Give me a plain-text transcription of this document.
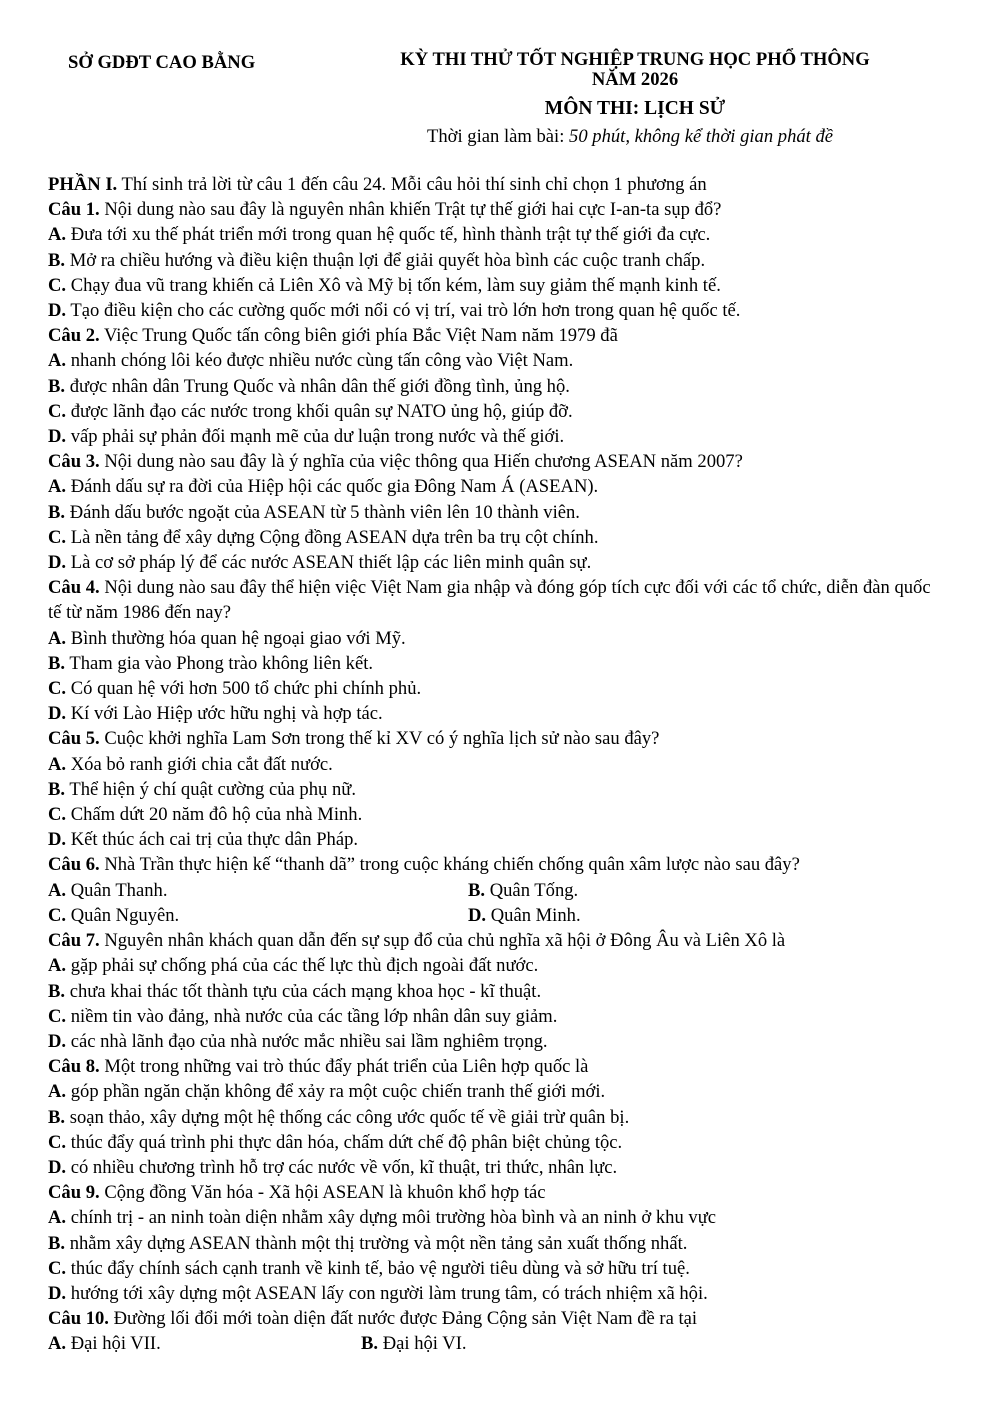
SỞ GDĐT CAO BẰNG	KỲ THI THỬ TỐT NGHIỆP TRUNG HỌC PHỔ THÔNG
NĂM 2026
MÔN THI: LỊCH SỬ
Thời gian làm bài: 50 phút, không kể thời gian phát đề
PHẦN I. Thí sinh trả lời từ câu 1 đến câu 24. Mỗi câu hỏi thí sinh chỉ chọn 1 phương án
Câu 1. Nội dung nào sau đây là nguyên nhân khiến Trật tự thế giới hai cực I-an-ta sụp đổ?
A. Đưa tới xu thế phát triển mới trong quan hệ quốc tế, hình thành trật tự thế giới đa cực.
B. Mở ra chiều hướng và điều kiện thuận lợi để giải quyết hòa bình các cuộc tranh chấp.
C. Chạy đua vũ trang khiến cả Liên Xô và Mỹ bị tốn kém, làm suy giảm thế mạnh kinh tế.
D. Tạo điều kiện cho các cường quốc mới nổi có vị trí, vai trò lớn hơn trong quan hệ quốc tế.
Câu 2. Việc Trung Quốc tấn công biên giới phía Bắc Việt Nam năm 1979 đã
A. nhanh chóng lôi kéo được nhiều nước cùng tấn công vào Việt Nam.
B. được nhân dân Trung Quốc và nhân dân thế giới đồng tình, ủng hộ.
C. được lãnh đạo các nước trong khối quân sự NATO ủng hộ, giúp đỡ.
D. vấp phải sự phản đối mạnh mẽ của dư luận trong nước và thế giới.
Câu 3. Nội dung nào sau đây là ý nghĩa của việc thông qua Hiến chương ASEAN năm 2007?
A. Đánh dấu sự ra đời của Hiệp hội các quốc gia Đông Nam Á (ASEAN).
B. Đánh dấu bước ngoặt của ASEAN từ 5 thành viên lên 10 thành viên.
C. Là nền tảng để xây dựng Cộng đồng ASEAN dựa trên ba trụ cột chính.
D. Là cơ sở pháp lý để các nước ASEAN thiết lập các liên minh quân sự.
Câu 4. Nội dung nào sau đây thể hiện việc Việt Nam gia nhập và đóng góp tích cực đối với các tổ chức, diễn đàn quốc tế từ năm 1986 đến nay?
A. Bình thường hóa quan hệ ngoại giao với Mỹ.
B. Tham gia vào Phong trào không liên kết.
C. Có quan hệ với hơn 500 tổ chức phi chính phủ.
D. Kí với Lào Hiệp ước hữu nghị và hợp tác.
Câu 5. Cuộc khởi nghĩa Lam Sơn trong thế kỉ XV có ý nghĩa lịch sử nào sau đây?
A. Xóa bỏ ranh giới chia cắt đất nước.
B. Thể hiện ý chí quật cường của phụ nữ.
C. Chấm dứt 20 năm đô hộ của nhà Minh.
D. Kết thúc ách cai trị của thực dân Pháp.
Câu 6. Nhà Trần thực hiện kế “thanh dã” trong cuộc kháng chiến chống quân xâm lược nào sau đây?
A. Quân Thanh.	B. Quân Tống.
C. Quân Nguyên.	D. Quân Minh.
Câu 7. Nguyên nhân khách quan dẫn đến sự sụp đổ của chủ nghĩa xã hội ở Đông Âu và Liên Xô là
A. gặp phải sự chống phá của các thế lực thù địch ngoài đất nước.
B. chưa khai thác tốt thành tựu của cách mạng khoa học - kĩ thuật.
C. niềm tin vào đảng, nhà nước của các tầng lớp nhân dân suy giảm.
D. các nhà lãnh đạo của nhà nước mắc nhiều sai lầm nghiêm trọng.
Câu 8. Một trong những vai trò thúc đẩy phát triển của Liên hợp quốc là
A. góp phần ngăn chặn không để xảy ra một cuộc chiến tranh thế giới mới.
B. soạn thảo, xây dựng một hệ thống các công ước quốc tế về giải trừ quân bị.
C. thúc đẩy quá trình phi thực dân hóa, chấm dứt chế độ phân biệt chủng tộc.
D. có nhiều chương trình hỗ trợ các nước về vốn, kĩ thuật, tri thức, nhân lực.
Câu 9. Cộng đồng Văn hóa - Xã hội ASEAN là khuôn khổ hợp tác
A. chính trị - an ninh toàn diện nhằm xây dựng môi trường hòa bình và an ninh ở khu vực
B. nhằm xây dựng ASEAN thành một thị trường và một nền tảng sản xuất thống nhất.
C. thúc đẩy chính sách cạnh tranh về kinh tế, bảo vệ người tiêu dùng và sở hữu trí tuệ.
D. hướng tới xây dựng một ASEAN lấy con người làm trung tâm, có trách nhiệm xã hội.
Câu 10. Đường lối đổi mới toàn diện đất nước được Đảng Cộng sản Việt Nam đề ra tại
A. Đại hội VII.	B. Đại hội VI.
